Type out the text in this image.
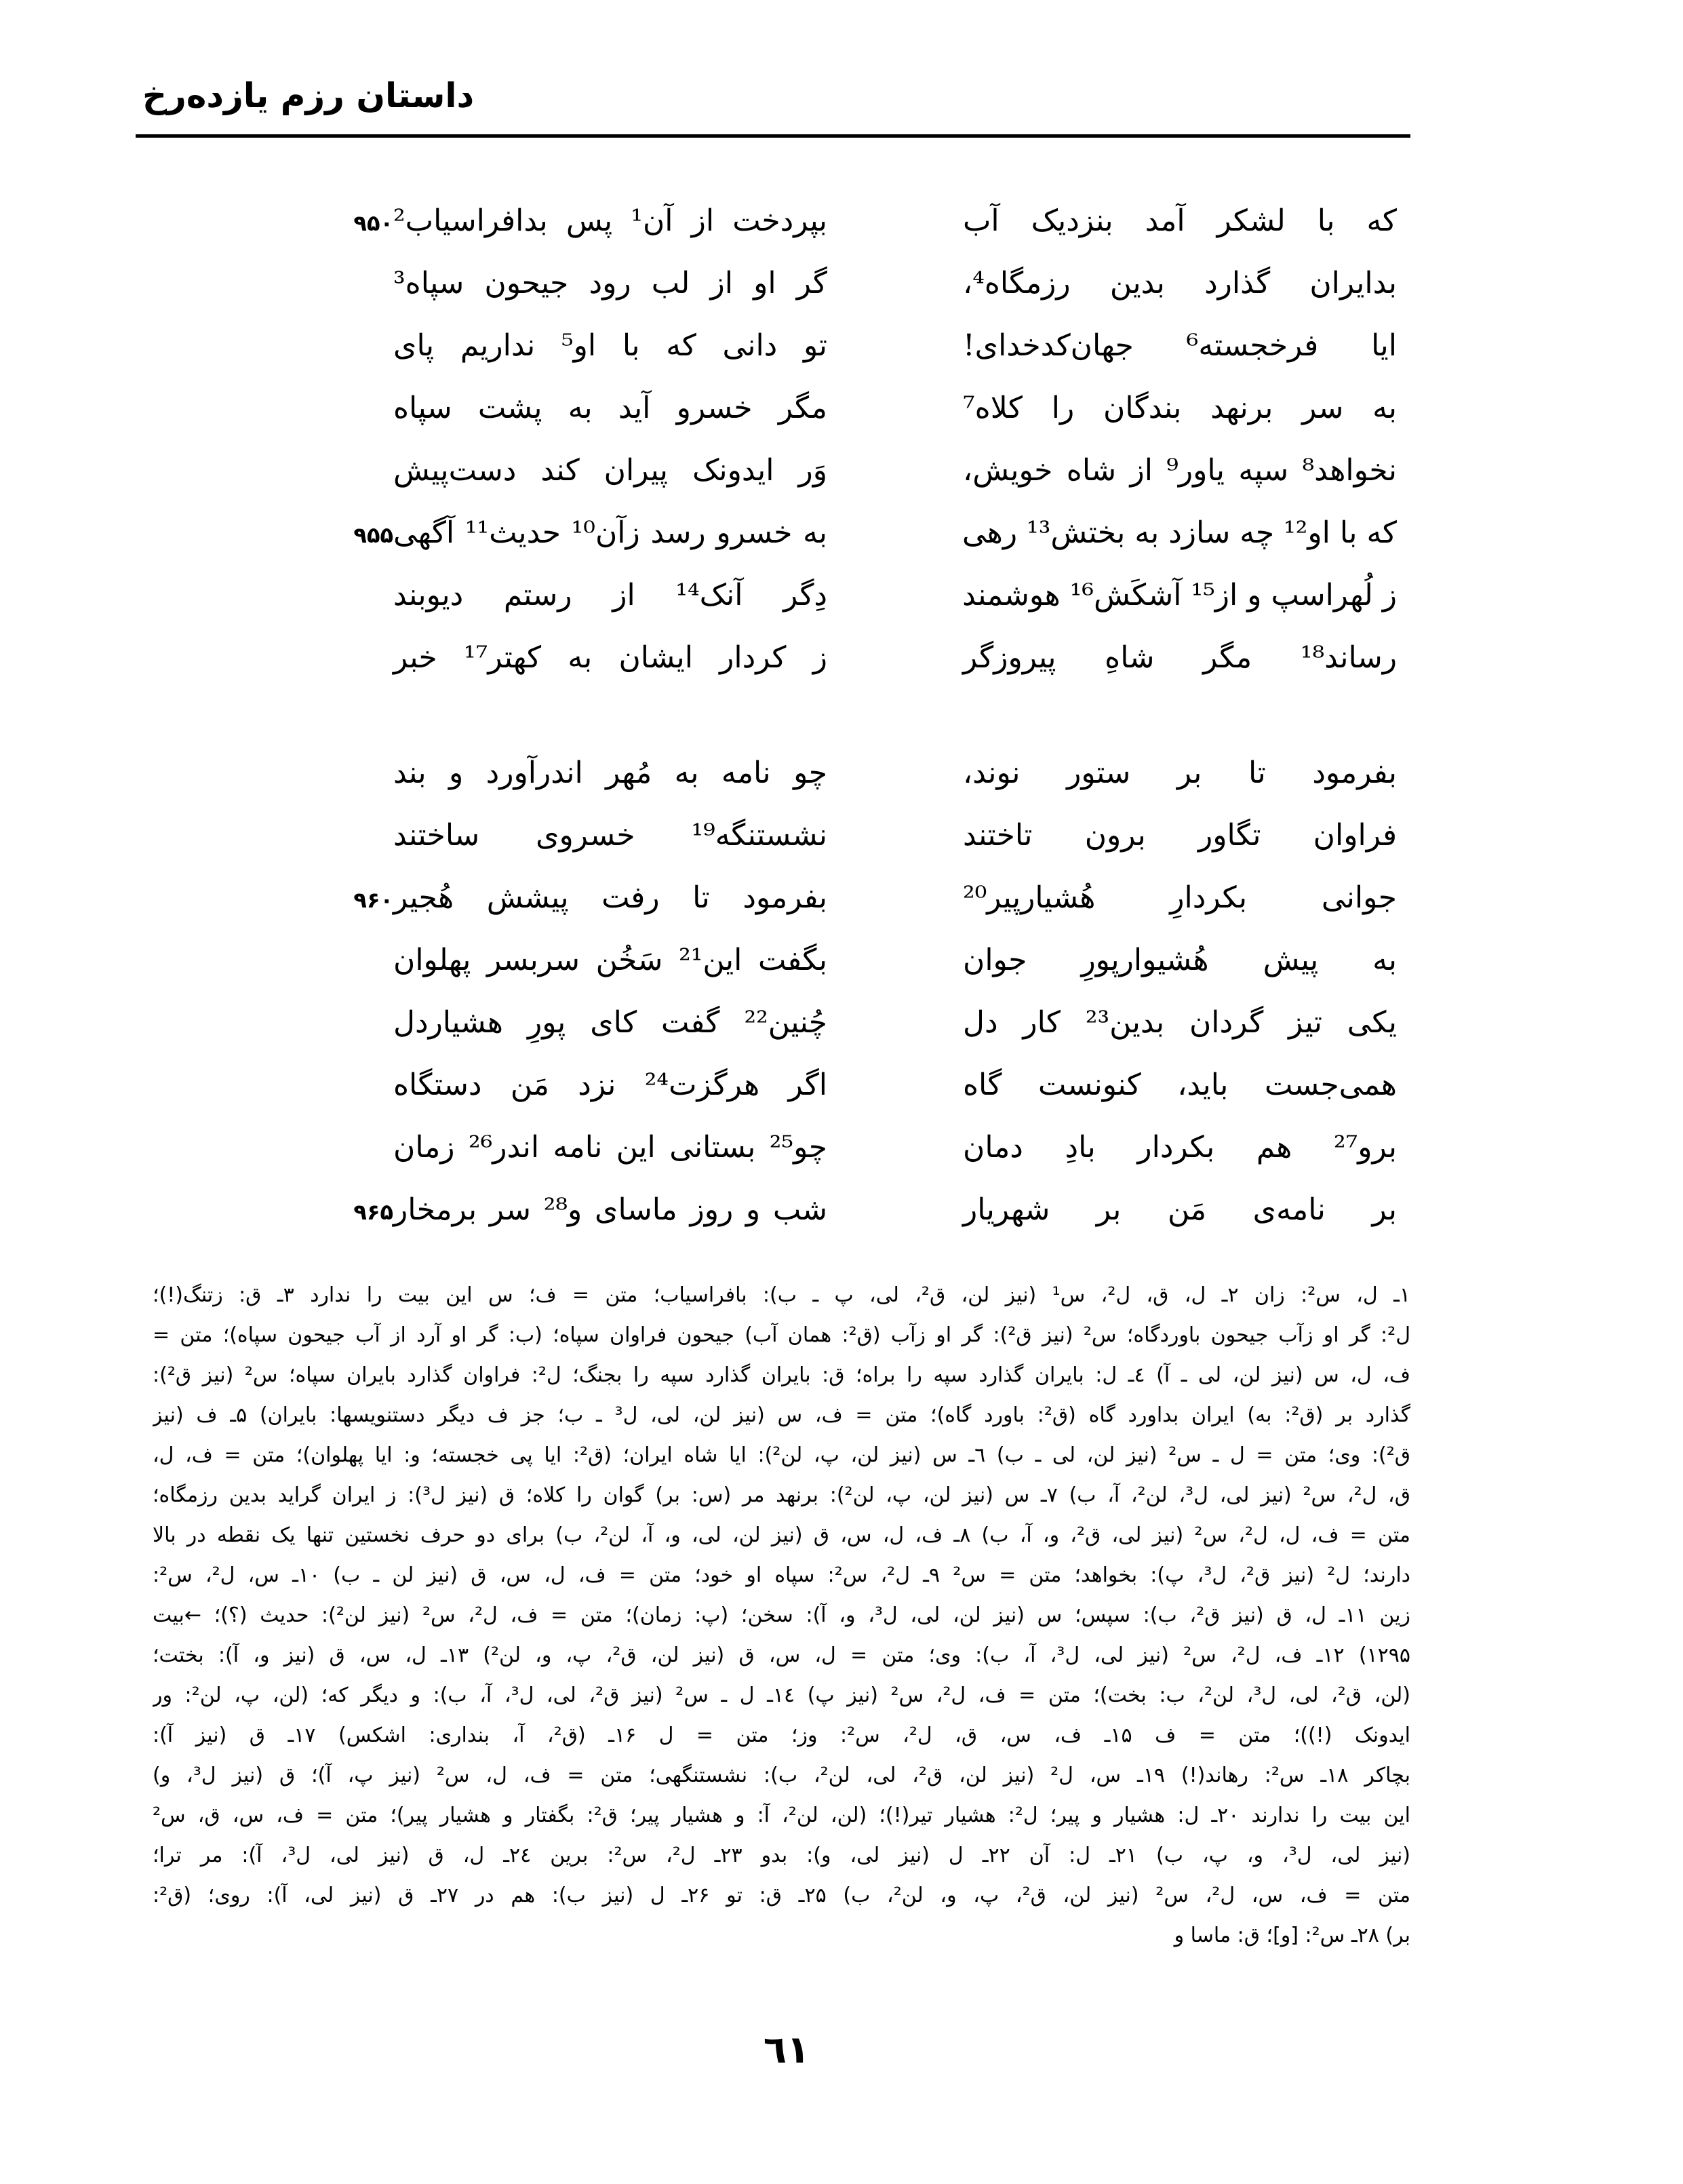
داستان رزم یازده‌رخ
۹۵۰ بپردخت از آن¹ پس بدافراسیاب²	که با لشکر آمد بنزدیک آب
گر او از لب رود جیحون سپاه³	بدایران گذارد بدین رزمگاه⁴،
تو دانی که با او⁵ نداریم پای	ایا فرخجسته⁶ جهان‌کدخدای!
مگر خسرو آید به پشت سپاه	به سر برنهد بندگان را کلاه⁷
وَر ایدونک پیران کند دست‌پیش	نخواهد⁸ سپه یاور⁹ از شاه خویش،
۹۵۵ به خسرو رسد زآن¹⁰ حدیث¹¹ آگهی	که با او¹² چه سازد به بختش¹³ رهی
دِگر آنک¹⁴ از رستم دیوبند	ز لُهراسپ و از¹⁵ آشکَش¹⁶ هوشمند
ز کردار ایشان به کهتر¹⁷ خبر	رساند¹⁸ مگر شاهِ پیروزگر
چو نامه به مُهر اندرآورد و بند	بفرمود تا بر ستور نوند،
نشستنگه¹⁹ خسروی ساختند	فراوان تگاور برون تاختند
۹۶۰ بفرمود تا رفت پیشش هُجیر	جوانی بکردارِ هُشیارپیر²⁰
بگفت این²¹ سَخُن سربسر پهلوان	به پیش هُشیوارپورِ جوان
چُنین²² گفت کای پورِ هشیاردل	یکی تیز گردان بدین²³ کار دل
اگر هرگزت²⁴ نزد مَن دستگاه	همی‌جست باید، کنونست گاه
چو²⁵ بستانی این نامه اندر²⁶ زمان	برو²⁷ هم بکردار بادِ دمان
۹۶۵ شب و روز ماسای و²⁸ سر برمخار	بر نامه‌ی مَن بر شهریار
۱ـ ل، س²: زان ۲ـ ل، ق، ل²، س¹ (نیز لن، ق²، لی، پ ـ ب): بافراسیاب؛ متن = ف؛ س این بیت را ندارد ۳ـ ق: زتنگ(!)؛
ل²: گر او زآب جیحون باوردگاه؛ س² (نیز ق²): گر او زآب (ق²: همان آب) جیحون فراوان سپاه؛ (ب: گر او آرد از آب جیحون سپاه)؛ متن =
ف، ل، س (نیز لن، لی ـ آ) ٤ـ ل: بایران گذارد سپه را براه؛ ق: بایران گذارد سپه را بجنگ؛ ل²: فراوان گذارد بایران سپاه؛ س² (نیز ق²):
گذارد بر (ق²: به) ایران بداورد گاه (ق²: باورد گاه)؛ متن = ف، س (نیز لن، لی، ل³ ـ ب؛ جز ف دیگر دستنویسها: بایران) ۵ـ ف (نیز
ق²): وی؛ متن = ل ـ س² (نیز لن، لی ـ ب) ٦ـ س (نیز لن، پ، لن²): ایا شاه ایران؛ (ق²: ایا پی خجسته؛ و: ایا پهلوان)؛ متن = ف، ل،
ق، ل²، س² (نیز لی، ل³، لن²، آ، ب) ۷ـ س (نیز لن، پ، لن²): برنهد مر (س: بر) گوان را کلاه؛ ق (نیز ل³): ز ایران گراید بدین رزمگاه؛
متن = ف، ل، ل²، س² (نیز لی، ق²، و، آ، ب) ۸ـ ف، ل، س، ق (نیز لن، لی، و، آ، لن²، ب) برای دو حرف نخستین تنها یک نقطه در بالا
دارند؛ ل² (نیز ق²، ل³، پ): بخواهد؛ متن = س² ۹ـ ل²، س²: سپاه او خود؛ متن = ف، ل، س، ق (نیز لن ـ ب) ۱۰ـ س، ل²، س²:
زین ۱۱ـ ل، ق (نیز ق²، ب): سپس؛ س (نیز لن، لی، ل³، و، آ): سخن؛ (پ: زمان)؛ متن = ف، ل²، س² (نیز لن²): حدیث (؟)؛ ←بیت
۱۲۹۵) ۱۲ـ ف، ل²، س² (نیز لی، ل³، آ، ب): وی؛ متن = ل، س، ق (نیز لن، ق²، پ، و، لن²) ۱۳ـ ل، س، ق (نیز و، آ): بختت؛
(لن، ق²، لی، ل³، لن²، ب: بخت)؛ متن = ف، ل²، س² (نیز پ) ١٤ـ ل ـ س² (نیز ق²، لی، ل³، آ، ب): و دیگر که؛ (لن، پ، لن²: ور
ایدونک (!))؛ متن = ف ۱۵ـ ف، س، ق، ل²، س²: وز؛ متن = ل ۱۶ـ (ق²، آ، بنداری: اشکس) ۱۷ـ ق (نیز آ):
بچاکر ۱۸ـ س²: رهاند(!) ۱۹ـ س، ل² (نیز لن، ق²، لی، لن²، ب): نشستنگهی؛ متن = ف، ل، س² (نیز پ، آ)؛ ق (نیز ل³، و)
این بیت را ندارند ۲۰ـ ل: هشیار و پیر؛ ل²: هشیار تیر(!)؛ (لن، لن²، آ: و هشیار پیر؛ ق²: بگفتار و هشیار پیر)؛ متن = ف، س، ق، س²
(نیز لی، ل³، و، پ، ب) ۲۱ـ ل: آن ۲۲ـ ل (نیز لی، و): بدو ۲۳ـ ل²، س²: برین ٢٤ـ ل، ق (نیز لی، ل³، آ): مر ترا؛
متن = ف، س، ل²، س² (نیز لن، ق²، پ، و، لن²، ب) ۲۵ـ ق: تو ۲۶ـ ل (نیز ب): هم در ۲۷ـ ق (نیز لی، آ): روی؛ (ق²:
بر) ۲۸ـ س²: [و]؛ ق: ماسا و
٦١
